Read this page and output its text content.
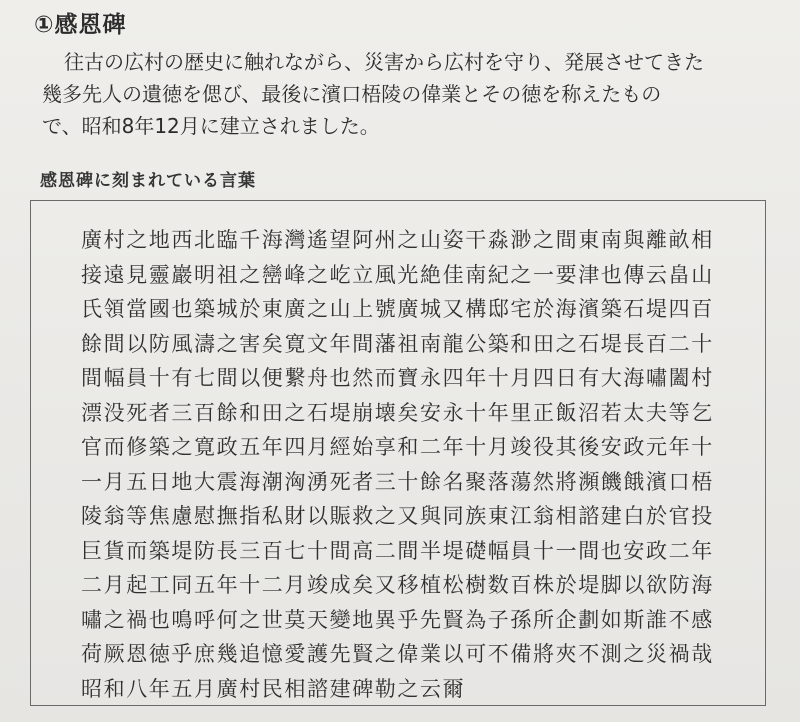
①感恩碑
往古の広村の歴史に触れながら、災害から広村を守り、発展させてきた
幾多先人の遺徳を偲び、最後に濱口梧陵の偉業とその徳を称えたもの
で、昭和8年12月に建立されました。
感恩碑に刻まれている言葉
廣村之地西北臨千海灣遙望阿州之山姿干淼渺之間東南與離畝相
接遠見靈巖明祖之巒峰之屹立風光絶佳南紀之一要津也傳云畠山
氏領當國也築城於東廣之山上號廣城又構邸宅於海濱築石堤四百
餘間以防風濤之害矣寛文年間藩祖南龍公築和田之石堤長百二十
間幅員十有七間以便繋舟也然而寶永四年十月四日有大海嘯闔村
漂没死者三百餘和田之石堤崩壊矣安永十年里正飯沼若太夫等乞
官而修築之寛政五年四月經始享和二年十月竣役其後安政元年十
一月五日地大震海潮洶湧死者三十餘名聚落蕩然將瀕饑餓濱口梧
陵翁等焦慮慰撫指私財以賑救之又與同族東江翁相諮建白於官投
巨貨而築堤防長三百七十間高二間半堤礎幅員十一間也安政二年
二月起工同五年十二月竣成矣又移植松樹数百株於堤脚以欲防海
嘯之禍也鳴呼何之世莫天變地異乎先賢為子孫所企劃如斯誰不感
荷厥恩徳乎庶幾追憶愛護先賢之偉業以可不備將夾不測之災禍哉
昭和八年五月廣村民相諮建碑勒之云爾
